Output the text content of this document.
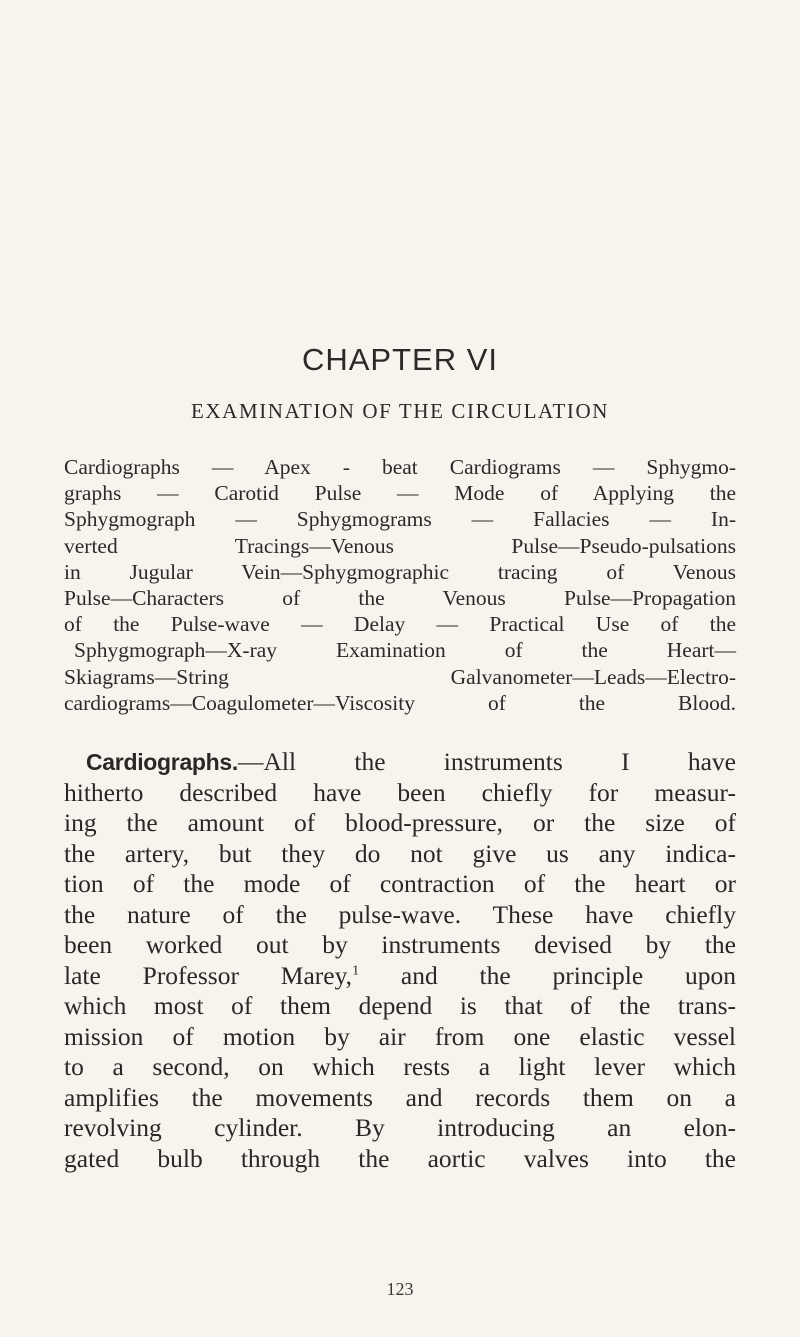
CHAPTER VI
EXAMINATION OF THE CIRCULATION
Cardiographs — Apex - beat Cardiograms — Sphygmo-
graphs — Carotid Pulse — Mode of Applying the
Sphygmograph — Sphygmograms — Fallacies — In-
verted Tracings—Venous Pulse—Pseudo-pulsations
in Jugular Vein—Sphygmographic tracing of Venous
Pulse—Characters of the Venous Pulse—Propagation
of the Pulse-wave — Delay — Practical Use of the
Sphygmograph—X-ray Examination of the Heart—
Skiagrams—String Galvanometer—Leads—Electro-
cardiograms—Coagulometer—Viscosity of the Blood.
Cardiographs.—All the instruments I have
hitherto described have been chiefly for measur-
ing the amount of blood-pressure, or the size of
the artery, but they do not give us any indica-
tion of the mode of contraction of the heart or
the nature of the pulse-wave. These have chiefly
been worked out by instruments devised by the
late Professor Marey,$^1$ and the principle upon
which most of them depend is that of the trans-
mission of motion by air from one elastic vessel
to a second, on which rests a light lever which
amplifies the movements and records them on a
revolving cylinder. By introducing an elon-
gated bulb through the aortic valves into the
123
